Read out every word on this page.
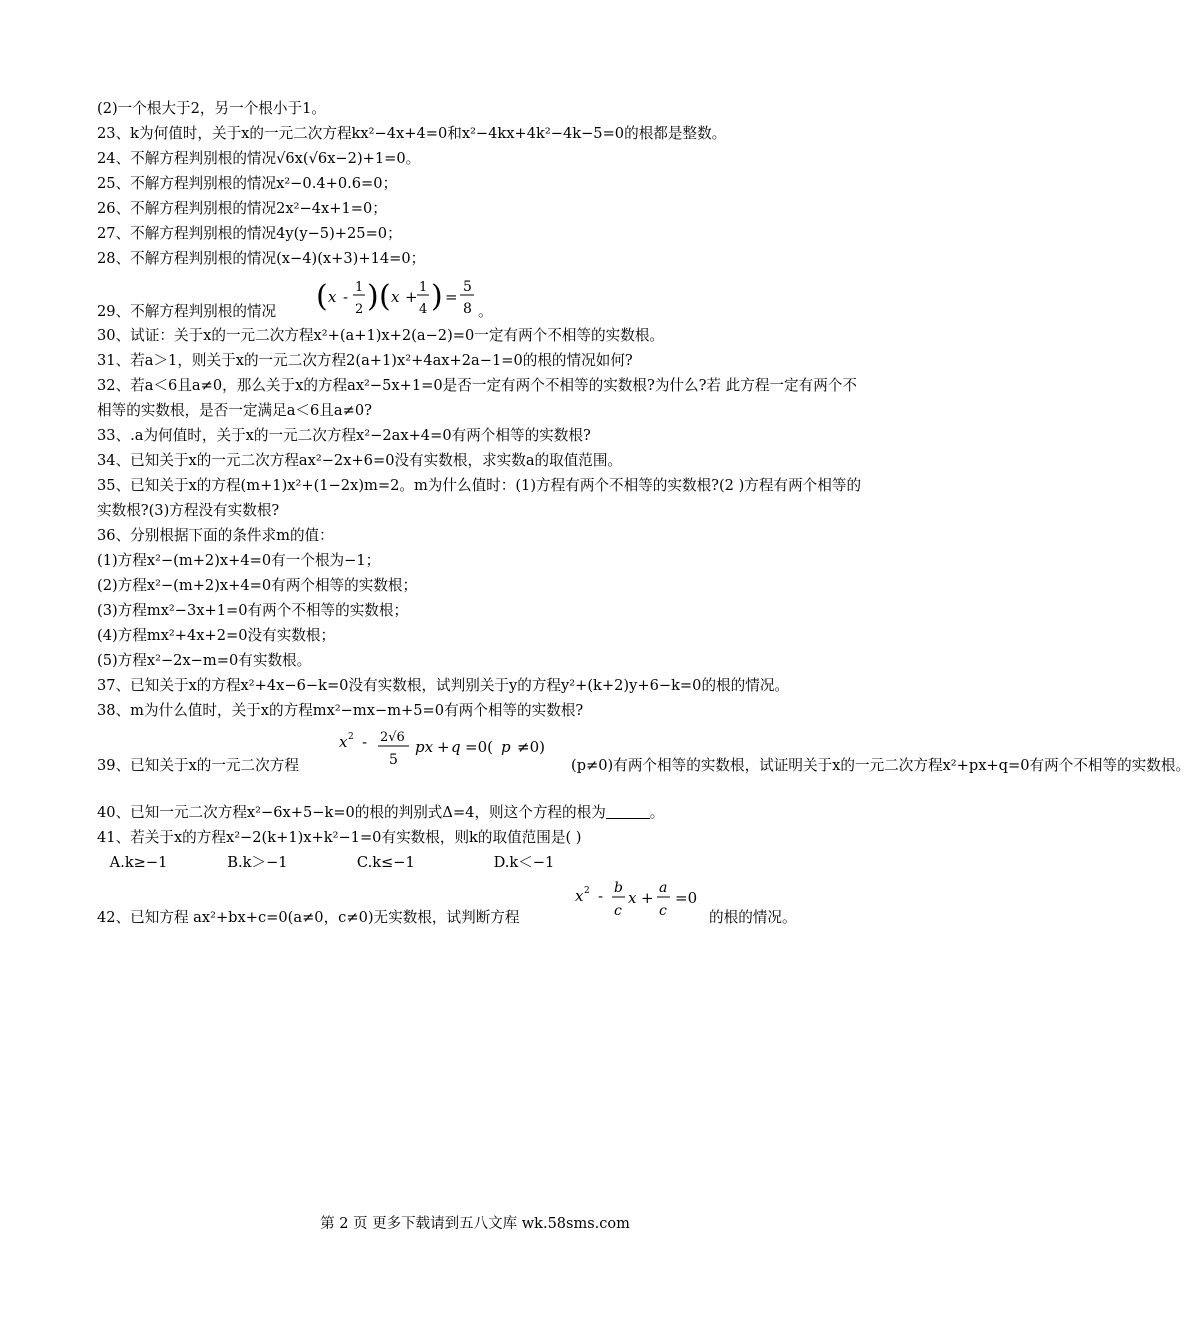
(2)一个根大于2，另一个根小于1。
23、k为何值时，关于x的一元二次方程kx²−4x+4=0和x²−4kx+4k²−4k−5=0的根都是整数。
24、不解方程判别根的情况√6x(√6x−2)+1=0。
25、不解方程判别根的情况x²−0.4+0.6=0；
26、不解方程判别根的情况2x²−4x+1=0；
27、不解方程判别根的情况4y(y−5)+25=0；
28、不解方程判别根的情况(x−4)(x+3)+14=0；
29、不解方程判别根的情况 ( x -
1
2 ) ( x +
1
4 ) =
5
8 。
30、试证：关于x的一元二次方程x²+(a+1)x+2(a−2)=0一定有两个不相等的实数根。
31、若a＞1，则关于x的一元二次方程2(a+1)x²+4ax+2a−1=0的根的情况如何?
32、若a＜6且a≠0，那么关于x的方程ax²−5x+1=0是否一定有两个不相等的实数根?为什么?若 此方程一定有两个不相等的实数根，是否一定满足a＜6且a≠0?
33、.a为何值时，关于x的一元二次方程x²−2ax+4=0有两个相等的实数根?
34、已知关于x的一元二次方程ax²−2x+6=0没有实数根，求实数a的取值范围。
35、已知关于x的方程(m+1)x²+(1−2x)m=2。m为什么值时：(1)方程有两个不相等的实数根?(2 )方程有两个相等的实数根?(3)方程没有实数根?
36、分别根据下面的条件求m的值：
(1)方程x²−(m+2)x+4=0有一个根为−1；
(2)方程x²−(m+2)x+4=0有两个相等的实数根；
(3)方程mx²−3x+1=0有两个不相等的实数根；
(4)方程mx²+4x+2=0没有实数根；
(5)方程x²−2x−m=0有实数根。
37、已知关于x的方程x²+4x−6−k=0没有实数根，试判别关于y的方程y²+(k+2)y+6−k=0的根的情况。
38、m为什么值时，关于x的方程mx²−mx−m+5=0有两个相等的实数根?
39、已知关于x的一元二次方程
x 2 - 2√6
5
px + q =0( p ≠0)
(p≠0)有两个相等的实数根，试证明关于x的一元二次方程x²+px+q=0有两个不相等的实数根。
40、已知一元二次方程x²−6x+5−k=0的根的判别式Δ=4，则这个方程的根为	。
41、若关于x的方程x²−2(k+1)x+k²−1=0有实数根，则k的取值范围是( )
A.k≥−1	B.k＞−1	C.k≤−1	D.k＜−1
42、已知方程 ax²+bx+c=0(a≠0，c≠0)无实数根，试判断方程
x 2 - b
c
x +
a
c
=0
的根的情况。
第 2 页 更多下载请到五八文库 wk.58sms.com
